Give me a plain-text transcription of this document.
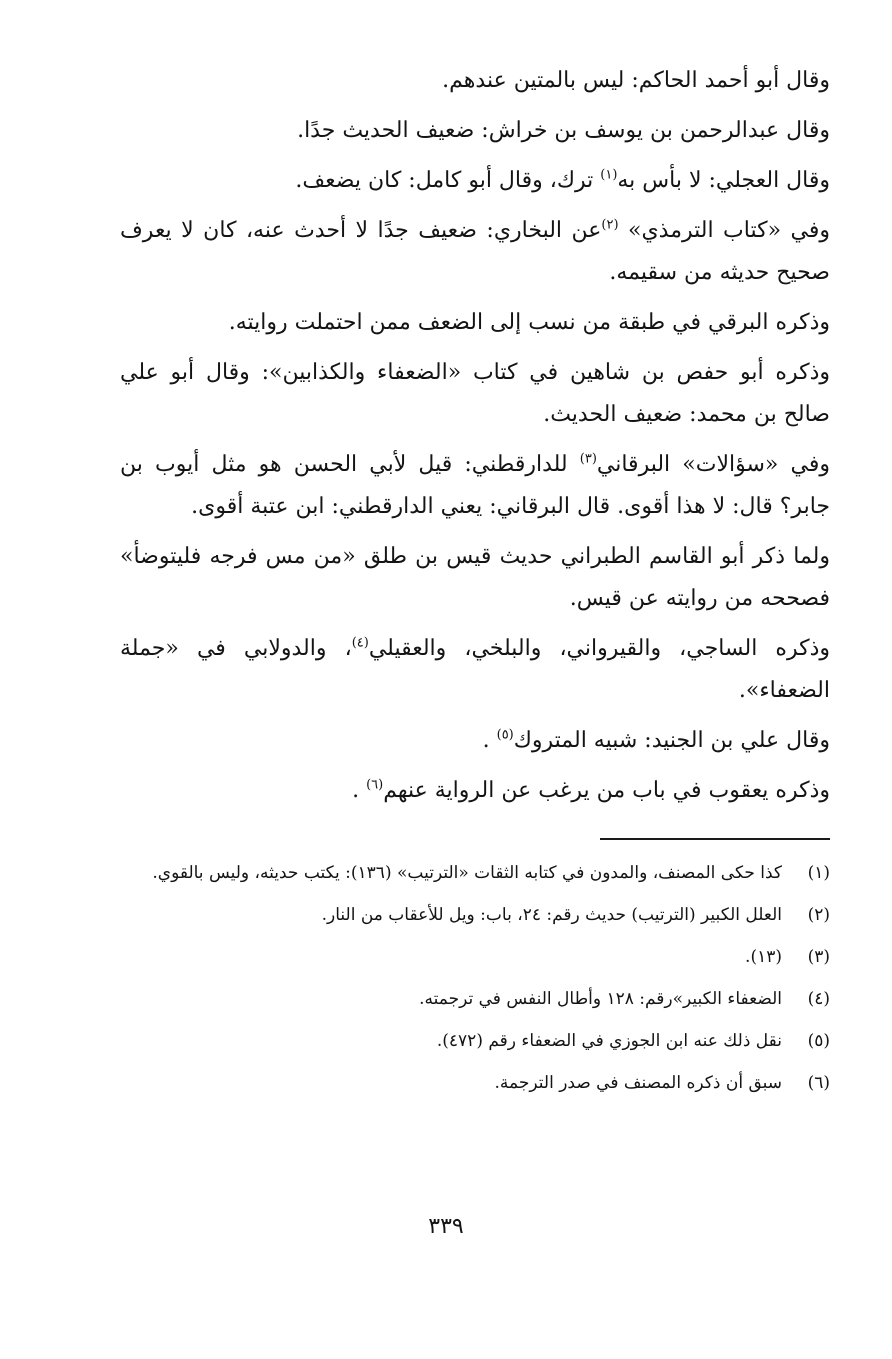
وقال أبو أحمد الحاكم: ليس بالمتين عندهم.

وقال عبدالرحمن بن يوسف بن خراش: ضعيف الحديث جدًا.

وقال العجلي: لا بأس به$^{(١)}$ ترك، وقال أبو كامل: كان يضعف.

وفي «كتاب الترمذي» $^{(٢)}$عن البخاري: ضعيف جدًا لا أحدث عنه، كان لا يعرف صحيح حديثه من سقيمه.

وذكره البرقي في طبقة من نسب إلى الضعف ممن احتملت روايته.

وذكره أبو حفص بن شاهين في كتاب «الضعفاء والكذابين»: وقال أبو علي صالح بن محمد: ضعيف الحديث.

وفي «سؤالات» البرقاني$^{(٣)}$ للدارقطني: قيل لأبي الحسن هو مثل أيوب بن جابر؟ قال: لا هذا أقوى. قال البرقاني: يعني الدارقطني: ابن عتبة أقوى.

ولما ذكر أبو القاسم الطبراني حديث قيس بن طلق «من مس فرجه فليتوضأ» فصححه من روايته عن قيس.

وذكره الساجي، والقيرواني، والبلخي، والعقيلي$^{(٤)}$، والدولابي في «جملة الضعفاء».

وقال علي بن الجنيد: شبيه المتروك$^{(٥)}$ .

وذكره يعقوب في باب من يرغب عن الرواية عنهم$^{(٦)}$ .

(١)
كذا حكى المصنف، والمدون في كتابه الثقات «الترتيب» (١٣٦): يكتب حديثه، وليس بالقوي.

(٢)
العلل الكبير (الترتيب) حديث رقم: ٢٤، باب: ويل للأعقاب من النار.

(٣)
(١٣).

(٤)
الضعفاء الكبير»رقم: ١٢٨ وأطال النفس في ترجمته.

(٥)
نقل ذلك عنه ابن الجوزي في الضعفاء رقم (٤٧٢).

(٦)
سبق أن ذكره المصنف في صدر الترجمة.

٣٣٩
